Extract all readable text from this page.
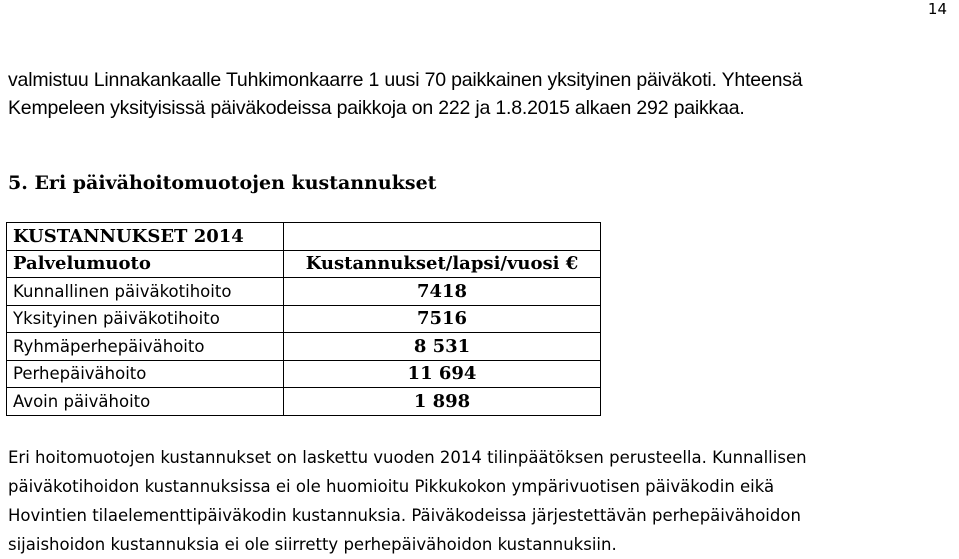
14

valmistuu Linnakankaalle Tuhkimonkaarre 1 uusi 70 paikkainen yksityinen päiväkoti. Yhteensä
Kempeleen yksityisissä päiväkodeissa paikkoja on 222 ja 1.8.2015 alkaen 292 paikkaa.

5. Eri päivähoitomuotojen kustannukset
KUSTANNUKSET 2014	
Palvelumuoto	Kustannukset/lapsi/vuosi €
Kunnallinen päiväkotihoito	7418
Yksityinen päiväkotihoito	7516
Ryhmäperhepäivähoito	8 531
Perhepäivähoito	11 694
Avoin päivähoito	1 898

Eri hoitomuotojen kustannukset on laskettu vuoden 2014 tilinpäätöksen perusteella. Kunnallisen
päiväkotihoidon kustannuksissa ei ole huomioitu Pikkukokon ympärivuotisen päiväkodin eikä
Hovintien tilaelementtipäiväkodin kustannuksia. Päiväkodeissa järjestettävän perhepäivähoidon
sijaishoidon kustannuksia ei ole siirretty perhepäivähoidon kustannuksiin.
